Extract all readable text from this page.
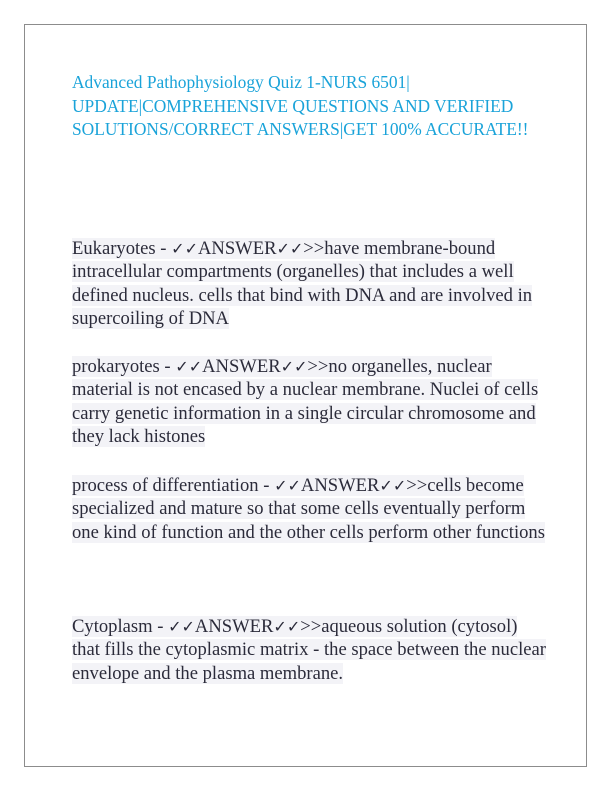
Advanced Pathophysiology Quiz 1-NURS 6501| UPDATE|COMPREHENSIVE QUESTIONS AND VERIFIED SOLUTIONS/CORRECT ANSWERS|GET 100% ACCURATE!!

Eukaryotes - ✓✓ANSWER✓✓>>have membrane-bound intracellular compartments (organelles) that includes a well defined nucleus. cells that bind with DNA and are involved in supercoiling of DNA

prokaryotes - ✓✓ANSWER✓✓>>no organelles, nuclear material is not encased by a nuclear membrane. Nuclei of cells carry genetic information in a single circular chromosome and they lack histones

process of differentiation - ✓✓ANSWER✓✓>>cells become specialized and mature so that some cells eventually perform one kind of function and the other cells perform other functions

Cytoplasm - ✓✓ANSWER✓✓>>aqueous solution (cytosol) that fills the cytoplasmic matrix - the space between the nuclear envelope and the plasma membrane.
